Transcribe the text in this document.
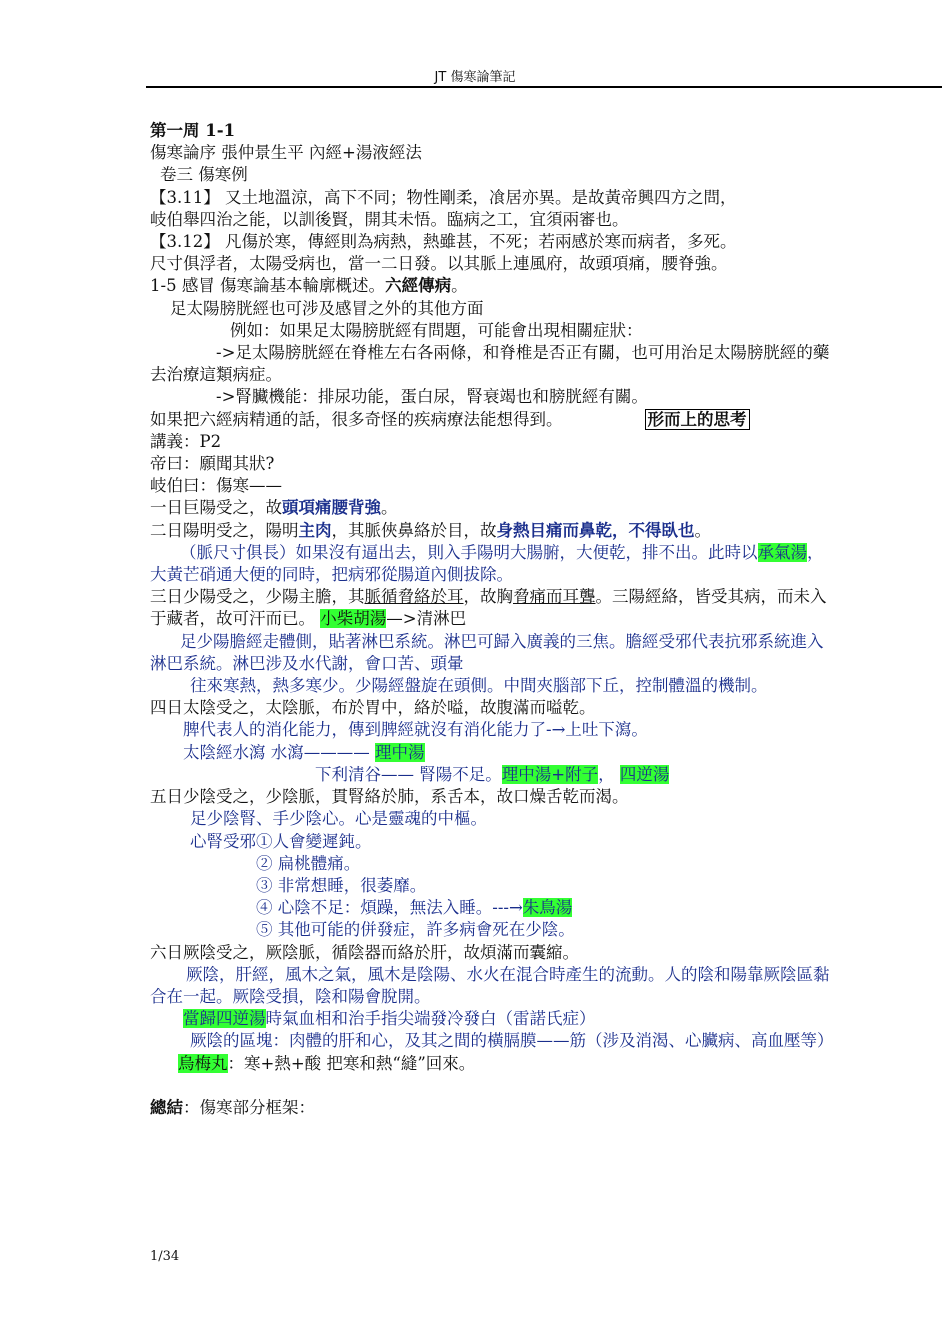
JT 傷寒論筆記
第一周 1-1
傷寒論序 張仲景生平 內經+湯液經法
卷三 傷寒例
【3.11】 又土地溫涼，高下不同；物性剛柔，飡居亦異。是故黃帝興四方之問，
岐伯舉四治之能，以訓後賢，開其未悟。臨病之工，宜須兩審也。
【3.12】 凡傷於寒，傳經則為病熱，熱雖甚，不死；若兩感於寒而病者，多死。
尺寸俱浮者，太陽受病也，當一二日發。以其脈上連風府，故頭項痛，腰脊強。
1-5 感冒 傷寒論基本輪廓概述。六經傳病。
足太陽膀胱經也可涉及感冒之外的其他方面
例如：如果足太陽膀胱經有問題，可能會出現相關症狀：
->足太陽膀胱經在脊椎左右各兩條，和脊椎是否正有關，也可用治足太陽膀胱經的藥
去治療這類病症。
->腎臟機能：排尿功能，蛋白尿，腎衰竭也和膀胱經有關。
如果把六經病精通的話，很多奇怪的疾病療法能想得到。	形而上的思考
講義：P2
帝曰：願聞其狀?
岐伯曰：傷寒——
一日巨陽受之，故頭項痛腰背強。
二日陽明受之，陽明主肉，其脈俠鼻絡於目，故身熱目痛而鼻乾，不得臥也。
（脈尺寸俱長）如果沒有逼出去，則入手陽明大腸腑，大便乾，排不出。此時以承氣湯，
大黃芒硝通大便的同時，把病邪從腸道內側拔除。
三日少陽受之，少陽主膽，其脈循脅絡於耳，故胸脅痛而耳聾。三陽經絡，皆受其病，而未入
于藏者，故可汗而已。 小柴胡湯—>清淋巴
足少陽膽經走體側，貼著淋巴系統。淋巴可歸入廣義的三焦。膽經受邪代表抗邪系統進入
淋巴系統。淋巴涉及水代謝，會口苦、頭暈
往來寒熱，熱多寒少。少陽經盤旋在頭側。中間夾腦部下丘，控制體溫的機制。
四日太陰受之，太陰脈，布於胃中，絡於嗌，故腹滿而嗌乾。
脾代表人的消化能力，傳到脾經就沒有消化能力了-→上吐下瀉。
太陰經水瀉 水瀉———— 理中湯
下利清谷—— 腎陽不足。理中湯+附子， 四逆湯
五日少陰受之，少陰脈，貫腎絡於肺，系舌本，故口燥舌乾而渴。
足少陰腎、手少陰心。心是靈魂的中樞。
心腎受邪①人會變遲鈍。
② 扁桃體痛。
③ 非常想睡，很萎靡。
④ 心陰不足：煩躁，無法入睡。---→朱鳥湯
⑤ 其他可能的併發症，許多病會死在少陰。
六日厥陰受之，厥陰脈，循陰器而絡於肝，故煩滿而囊縮。
厥陰，肝經，風木之氣，風木是陰陽、水火在混合時產生的流動。人的陰和陽靠厥陰區黏
合在一起。厥陰受損，陰和陽會脫開。
當歸四逆湯時氣血相和治手指尖端發冷發白（雷諾氏症）
厥陰的區塊：肉體的肝和心，及其之間的橫膈膜——筋（涉及消渴、心臟病、高血壓等）
烏梅丸：寒+熱+酸 把寒和熱“縫”回來。
總結：傷寒部分框架：
1/34
